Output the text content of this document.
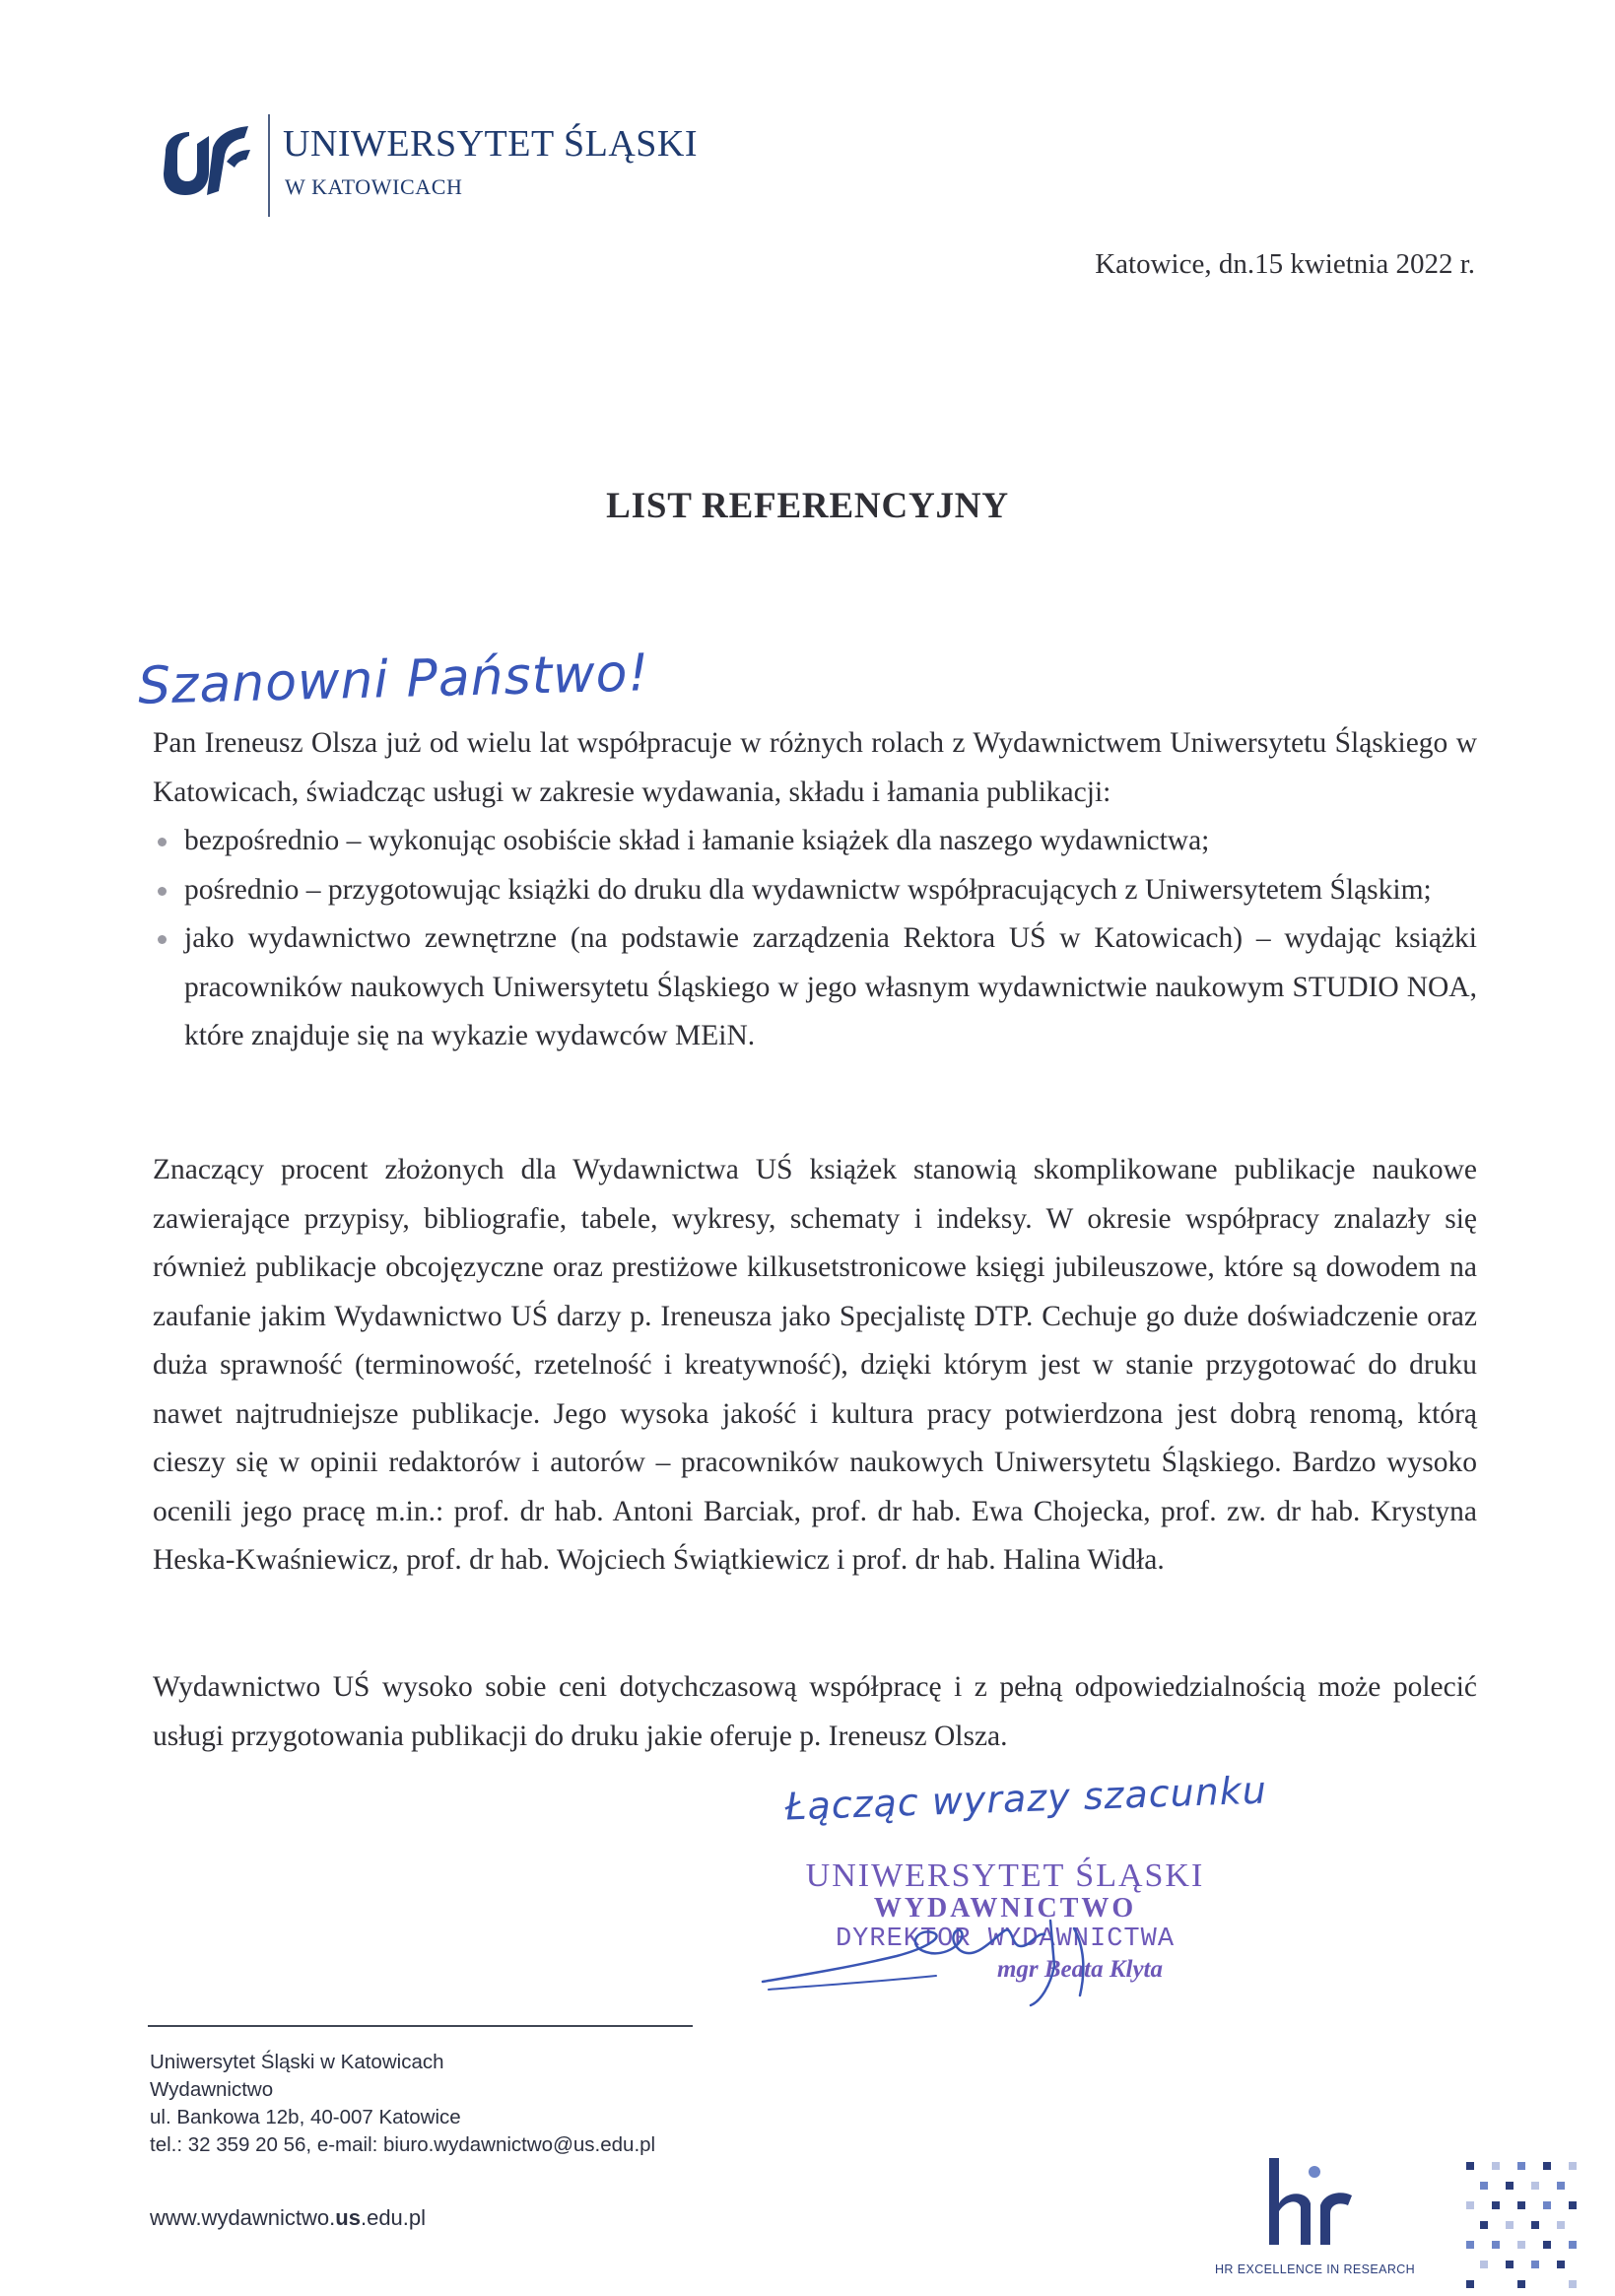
UNIWERSYTET ŚLĄSKI
W KATOWICACH
Katowice, dn.15 kwietnia 2022 r.
LIST REFERENCYJNY
Szanowni Państwo!

Pan Ireneusz Olsza już od wielu lat współpracuje w różnych rolach z Wydawnictwem Uniwersytetu Śląskiego w Katowicach, świadcząc usługi w zakresie wydawania, składu i łamania publikacji:

bezpośrednio – wykonując osobiście skład i łamanie książek dla naszego wydawnictwa;
pośrednio – przygotowując książki do druku dla wydawnictw współpracujących z Uniwersytetem Śląskim;
jako wydawnictwo zewnętrzne (na podstawie zarządzenia Rektora UŚ w Katowicach) – wydając książki pracowników naukowych Uniwersytetu Śląskiego w jego własnym wydawnictwie naukowym STUDIO NOA, które znajduje się na wykazie wydawców MEiN.

Znaczący procent złożonych dla Wydawnictwa UŚ książek stanowią skomplikowane publikacje naukowe zawierające przypisy, bibliografie, tabele, wykresy, schematy i indeksy. W okresie współpracy znalazły się również publikacje obcojęzyczne oraz prestiżowe kilkusetstronicowe księgi jubileuszowe, które są dowodem na zaufanie jakim Wydawnictwo UŚ darzy p. Ireneusza jako Specjalistę DTP. Cechuje go duże doświadczenie oraz duża sprawność (terminowość, rzetelność i kreatywność), dzięki którym jest w stanie przygotować do druku nawet najtrudniejsze publikacje. Jego wysoka jakość i kultura pracy potwierdzona jest dobrą renomą, którą cieszy się w opinii redaktorów i autorów – pracowników naukowych Uniwersytetu Śląskiego. Bardzo wysoko ocenili jego pracę m.in.: prof. dr hab. Antoni Barciak, prof. dr hab. Ewa Chojecka, prof. zw. dr hab. Krystyna Heska-Kwaśniewicz, prof. dr hab. Wojciech Świątkiewicz i prof. dr hab. Halina Widła.

Wydawnictwo UŚ wysoko sobie ceni dotychczasową współpracę i z pełną odpowiedzialnością może polecić usługi przygotowania publikacji do druku jakie oferuje p. Ireneusz Olsza.

Łącząc wyrazy szacunku
UNIWERSYTET ŚLĄSKI
WYDAWNICTWO
DYREKTOR WYDAWNICTWA
mgr Beata Klyta
Uniwersytet Śląski w Katowicach
Wydawnictwo
ul. Bankowa 12b, 40-007 Katowice
tel.: 32 359 20 56, e-mail: biuro.wydawnictwo@us.edu.pl
www.wydawnictwo.us.edu.pl
HR EXCELLENCE IN RESEARCH
